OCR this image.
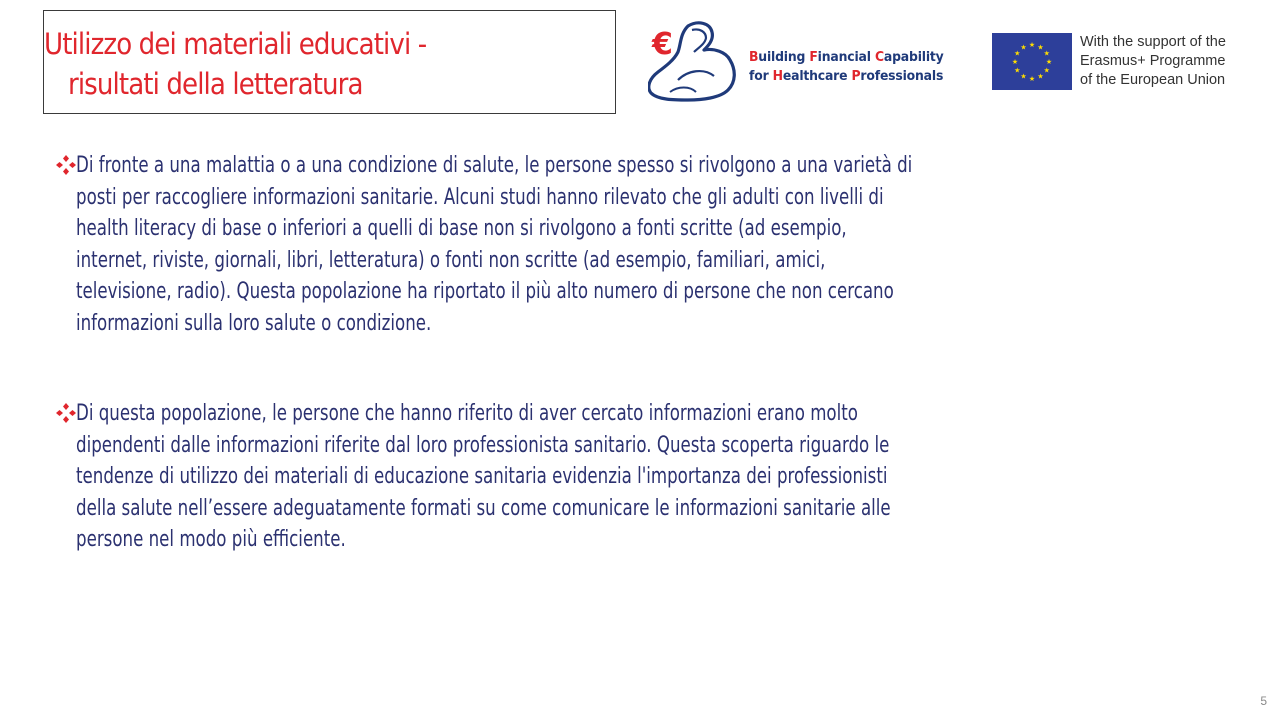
Utilizzo dei materiali educativi -
risultati della letteratura
€	Building Financial Capability
for Healthcare Professionals
★ ★
★
★
★
★
★
★
★
★
★
★	With the support of the
Erasmus+ Programme
of the European Union
Di fronte a una malattia o a una condizione di salute, le persone spesso si rivolgono a una varietà di
posti per raccogliere informazioni sanitarie. Alcuni studi hanno rilevato che gli adulti con livelli di
health literacy di base o inferiori a quelli di base non si rivolgono a fonti scritte (ad esempio,
internet, riviste, giornali, libri, letteratura) o fonti non scritte (ad esempio, familiari, amici,
televisione, radio). Questa popolazione ha riportato il più alto numero di persone che non cercano
informazioni sulla loro salute o condizione.
Di questa popolazione, le persone che hanno riferito di aver cercato informazioni erano molto
dipendenti dalle informazioni riferite dal loro professionista sanitario. Questa scoperta riguardo le
tendenze di utilizzo dei materiali di educazione sanitaria evidenzia l'importanza dei professionisti
della salute nell’essere adeguatamente formati su come comunicare le informazioni sanitarie alle
persone nel modo più efficiente.
5
